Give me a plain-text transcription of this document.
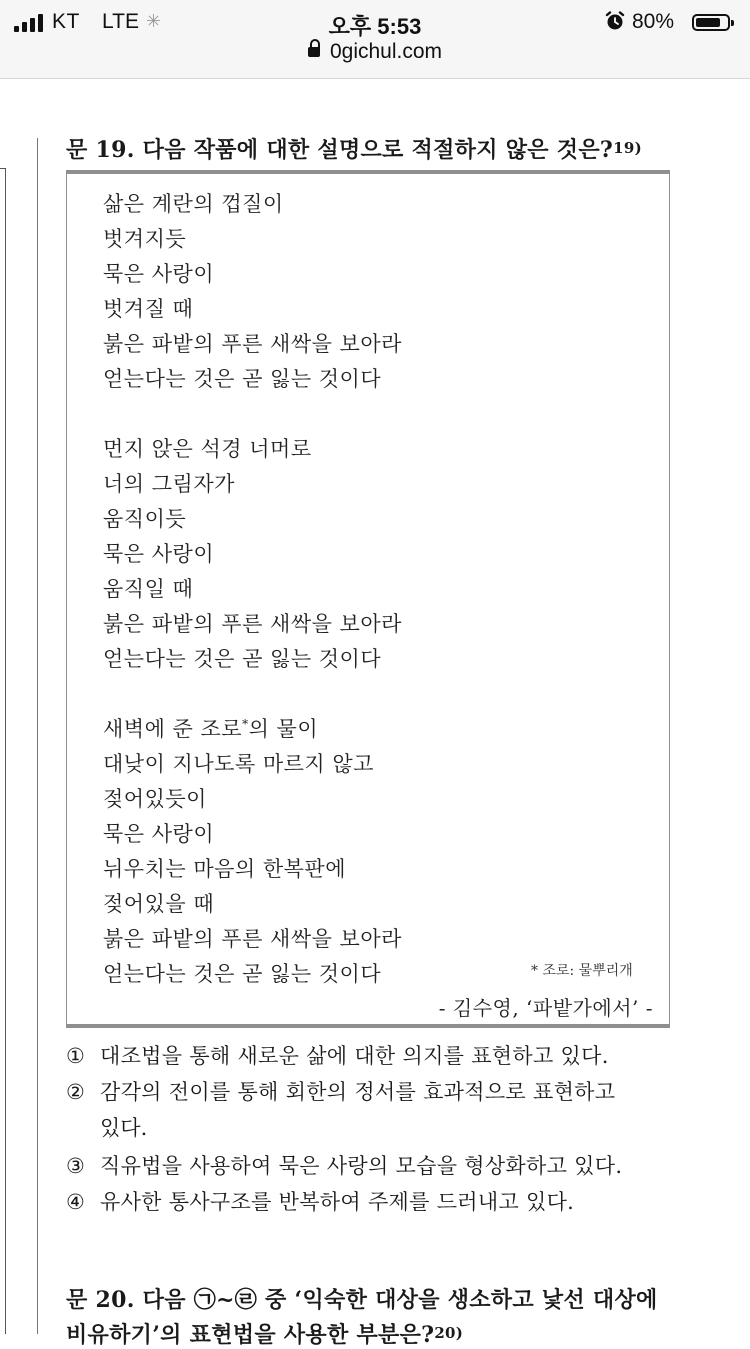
KT LTE ✳	오후 5:53	80%
0gichul.com
문 19. 다음 작품에 대한 설명으로 적절하지 않은 것은?19)
삶은 계란의 껍질이
벗겨지듯
묵은 사랑이
벗겨질 때
붉은 파밭의 푸른 새싹을 보아라
얻는다는 것은 곧 잃는 것이다
먼지 앉은 석경 너머로
너의 그림자가
움직이듯
묵은 사랑이
움직일 때
붉은 파밭의 푸른 새싹을 보아라
얻는다는 것은 곧 잃는 것이다
새벽에 준 조로*의 물이
대낮이 지나도록 마르지 않고
젖어있듯이
묵은 사랑이
뉘우치는 마음의 한복판에
젖어있을 때
붉은 파밭의 푸른 새싹을 보아라
얻는다는 것은 곧 잃는 것이다	* 조로: 물뿌리개
- 김수영, ‘파밭가에서’ -
① 대조법을 통해 새로운 삶에 대한 의지를 표현하고 있다.
② 감각의 전이를 통해 회한의 정서를 효과적으로 표현하고
있다.
③ 직유법을 사용하여 묵은 사랑의 모습을 형상화하고 있다.
④ 유사한 통사구조를 반복하여 주제를 드러내고 있다.
문 20. 다음 ㉠~㉣ 중 ‘익숙한 대상을 생소하고 낯선 대상에
비유하기’의 표현법을 사용한 부분은?20)
